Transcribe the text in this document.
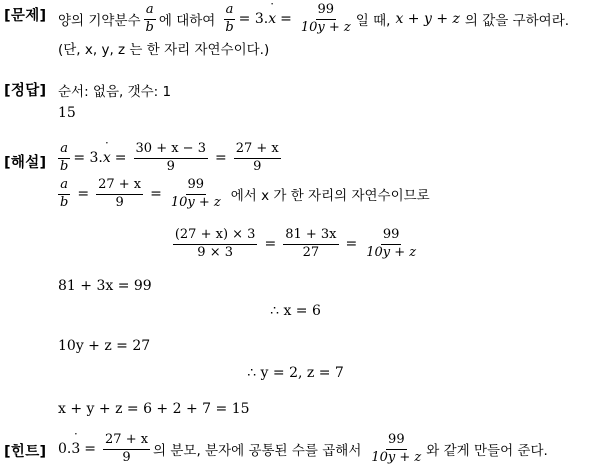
[문제] 양의 기약분수 $\frac{a}{b}$ 에 대하여 $\frac{a}{b} = 3$. x ˙ = $\frac{99}{10y + z}$ 일 때, x + y + z 의 값을 구하여라.
(단, x, y, z 는 한 자리 자연수이다.)
[정답] 순서: 없음, 갯수: 1
15
[해설] $\frac{a}{b} = 3$. x ˙ = $\frac{30 + x - 3}{9} = \frac{27 + x}{9}$
$\frac{a}{b} = \frac{27 + x}{9} = \frac{99}{10y + z}$ 에서 x 가 한 자리의 자연수이므로
$\frac{(27 + x) \times 3}{9 \times 3} = \frac{81 + 3x}{27} = \frac{99}{10y + z}$
81 + 3x = 99
∴ x = 6
10y + z = 27
∴ y = 2, z = 7
x + y + z = 6 + 2 + 7 = 15
[힌트] 0. 3 ˙ = $\frac{27 + x}{9}$ 의 분모, 분자에 공통된 수를 곱해서 $\frac{99}{10y + z}$ 와 같게 만들어 준다.
